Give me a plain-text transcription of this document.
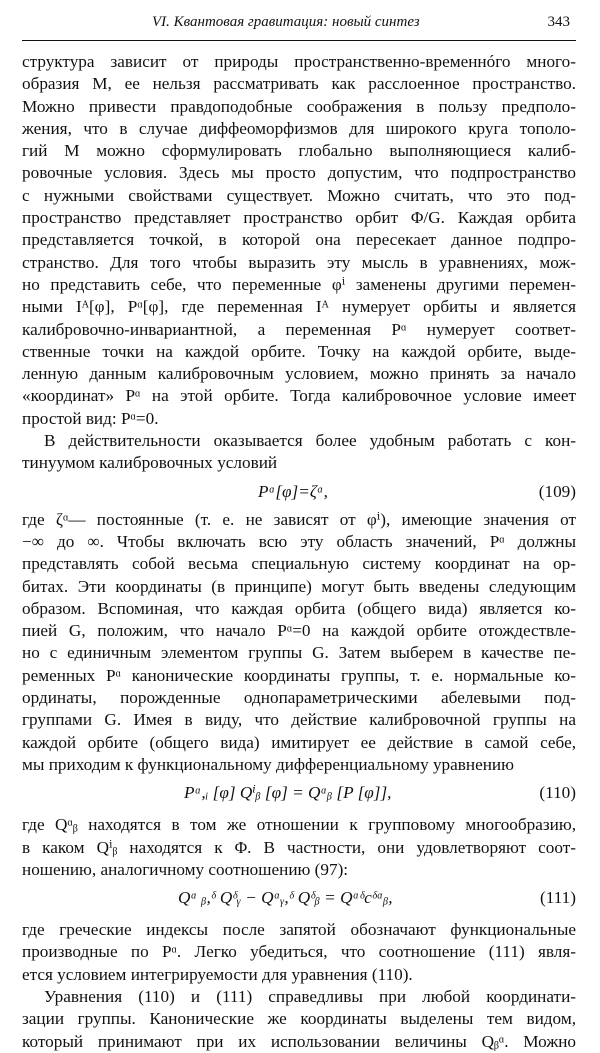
VI. Квантовая гравитация: новый синтез	343
структура зависит от природы пространственно-временнóго много-
образия M, ее нельзя рассматривать как расслоенное пространство.
Можно привести правдоподобные соображения в пользу предполо-
жения, что в случае диффеоморфизмов для широкого круга тополо-
гий M можно сформулировать глобально выполняющиеся калиб-
ровочные условия. Здесь мы просто допустим, что подпространство
с нужными свойствами существует. Можно считать, что это под-
пространство представляет пространство орбит Φ/G. Каждая орбита
представляется точкой, в которой она пересекает данное подпро-
странство. Для того чтобы выразить эту мысль в уравнениях, мож-
но представить себе, что переменные φⁱ заменены другими перемен-
ными Iᴬ[φ], Pᵅ[φ], где переменная Iᴬ нумерует орбиты и является
калибровочно-инвариантной, а переменная Pᵅ нумерует соответ-
ственные точки на каждой орбите. Точку на каждой орбите, выде-
ленную данным калибровочным условием, можно принять за начало
«координат» Pᵅ на этой орбите. Тогда калибровочное условие имеет
простой вид: Pᵅ=0.
В действительности оказывается более удобным работать с кон-
тинуумом калибровочных условий
Pᵅ[φ]=ζᵅ,	(109)
где ζᵅ— постоянные (т. е. не зависят от φⁱ), имеющие значения от
−∞ до ∞. Чтобы включать всю эту область значений, Pᵅ должны
представлять собой весьма специальную систему координат на ор-
битах. Эти координаты (в принципе) могут быть введены следующим
образом. Вспоминая, что каждая орбита (общего вида) является ко-
пией G, положим, что начало Pᵅ=0 на каждой орбите отождествле-
но с единичным элементом группы G. Затем выберем в качестве пе-
ременных Pᵅ канонические координаты группы, т. е. нормальные ко-
ординаты, порожденные однопараметрическими абелевыми под-
группами G. Имея в виду, что действие калибровочной группы на
каждой орбите (общего вида) имитирует ее действие в самой себе,
мы приходим к функциональному дифференциальному уравнению
Pᵅ,ᵢ [φ] Qⁱᵦ [φ] = Qᵅᵦ [P [φ]],	(110)
где Qᵅᵦ находятся в том же отношении к групповому многообразию,
в каком Qⁱᵦ находятся к Φ. В частности, они удовлетворяют соот-
ношению, аналогичному соотношению (97):
Qᵅ ᵦ,ᵟ Qᵟᵧ − Qᵅᵧ,ᵟ Qᵟᵦ = Qᵅᵟcᵟᵅᵦ,	(111)
где греческие индексы после запятой обозначают функциональные
производные по Pᵅ. Легко убедиться, что соотношение (111) явля-
ется условием интегрируемости для уравнения (110).
Уравнения (110) и (111) справедливы при любой координати-
зации группы. Канонические же координаты выделены тем видом,
который принимают при их использовании величины Qᵦᵅ. Можно
